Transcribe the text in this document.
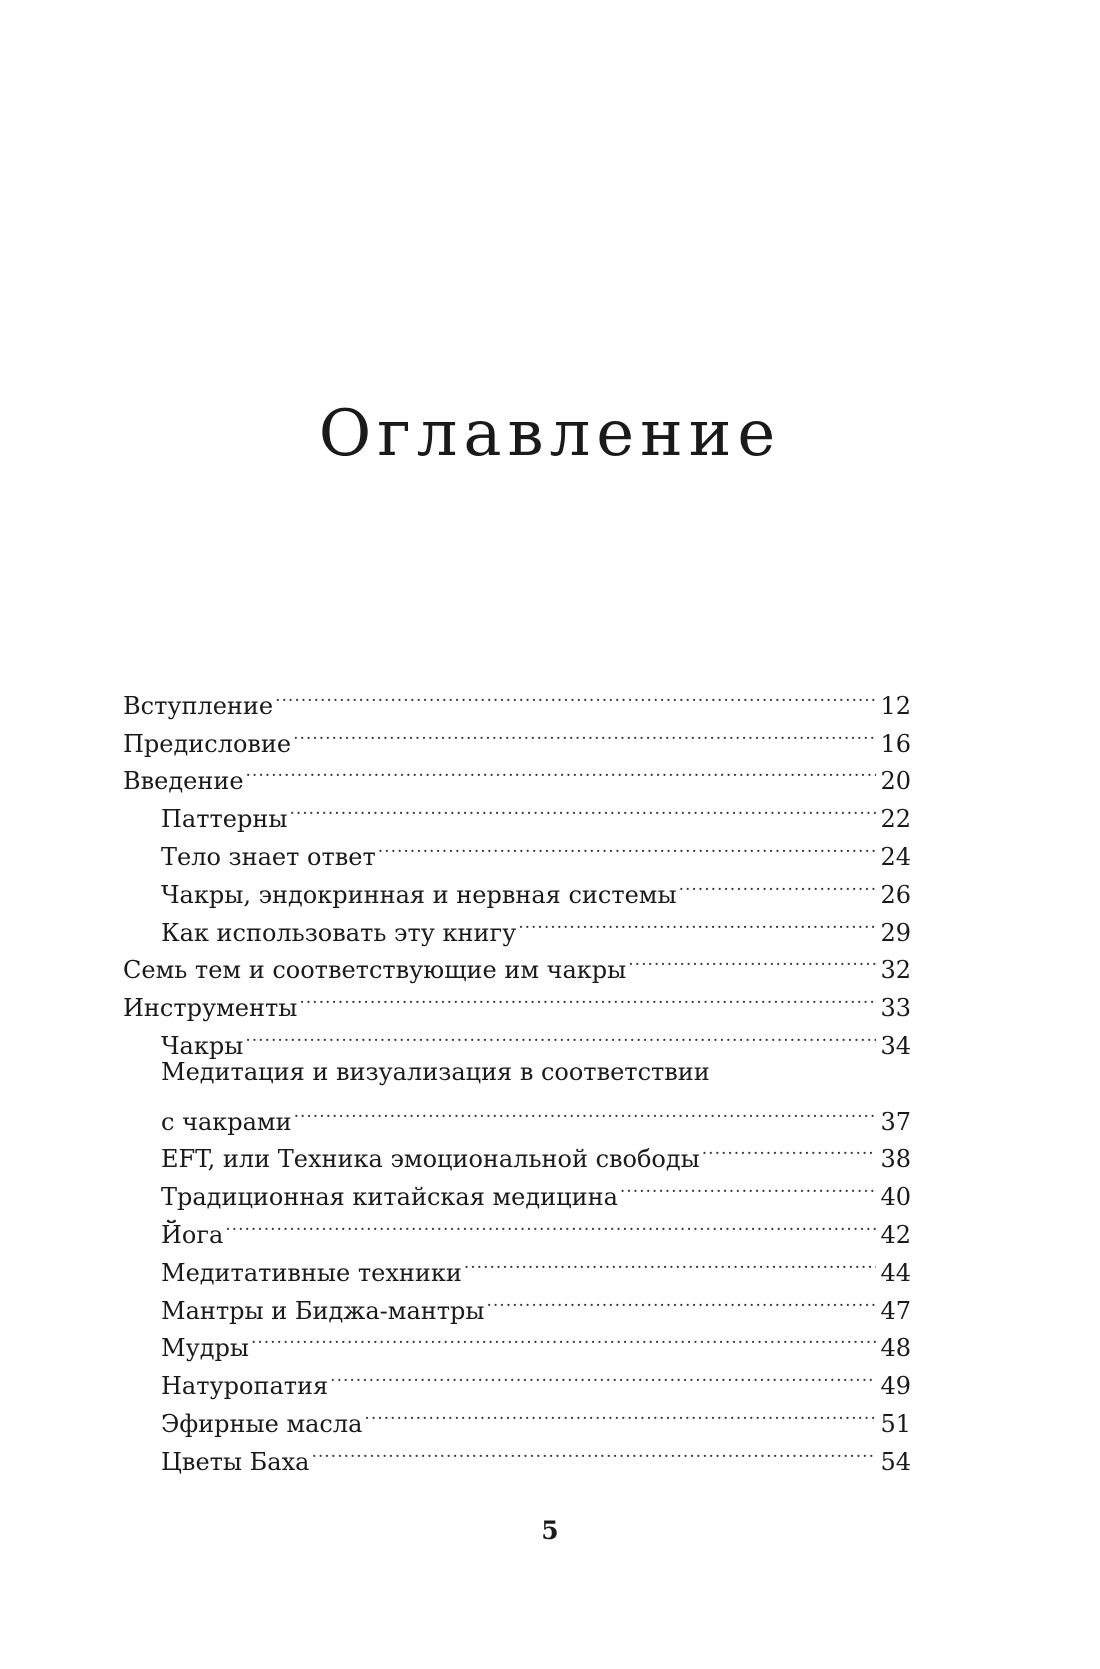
Оглавление
Вступление .....	12
Предисловие .....	16
Введение .....	20
Паттерны .....	22
Тело знает ответ .....	24
Чакры, эндокринная и нервная системы .....	26
Как использовать эту книгу .....	29
Семь тем и соответствующие им чакры .....	32
Инструменты .....	33
Чакры .....	34
Медитация и визуализация в соответствии
с чакрами .....	37
EFT, или Техника эмоциональной свободы .....	38
Традиционная китайская медицина .....	40
Йога .....	42
Медитативные техники .....	44
Мантры и Биджа-мантры .....	47
Мудры .....	48
Натуропатия .....	49
Эфирные масла .....	51
Цветы Баха .....	54
5
